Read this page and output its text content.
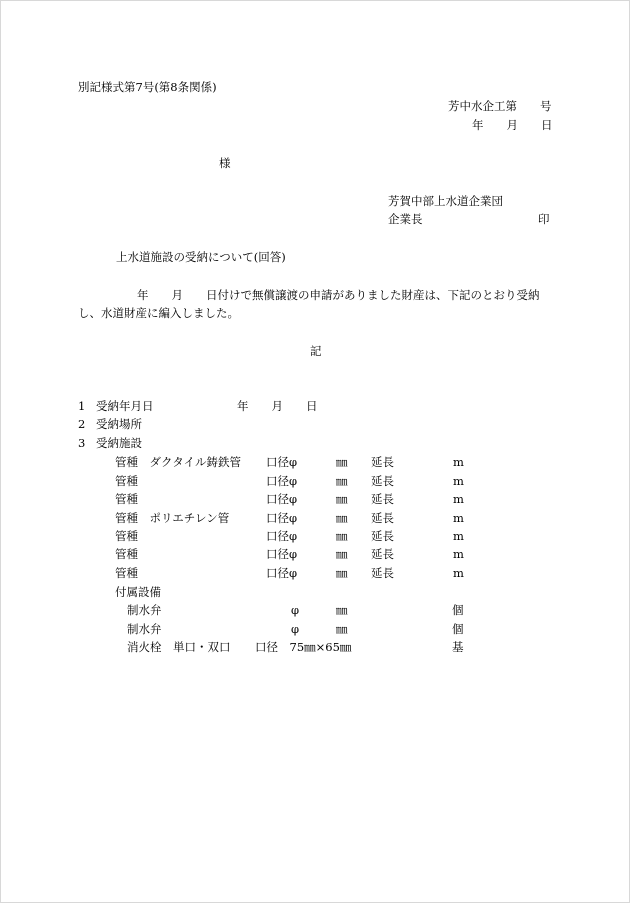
別記様式第7号(第8条関係)
芳中水企工第　　号
年　　月　　日
様
芳賀中部上水道企業団
企業長	印
上水道施設の受納について(回答)
年　　月　　日付けで無償譲渡の申請がありました財産は、下記のとおり受納
し、水道財産に編入しました。
記
1 受納年月日	年　　月　　日
2 受納場所
3 受納施設
管種　ダクタイル鋳鉄管 口径φ	㎜ 延長	m
管種	口径φ	㎜ 延長	m
管種	口径φ	㎜ 延長	m
管種　ポリエチレン管	口径φ	㎜ 延長	m
管種	口径φ	㎜ 延長	m
管種	口径φ	㎜ 延長	m
管種	口径φ	㎜ 延長	m
付属設備
制水弁	φ	㎜	個
制水弁	φ	㎜	個
消火栓　単口・双口 口径　75㎜×65㎜	基
